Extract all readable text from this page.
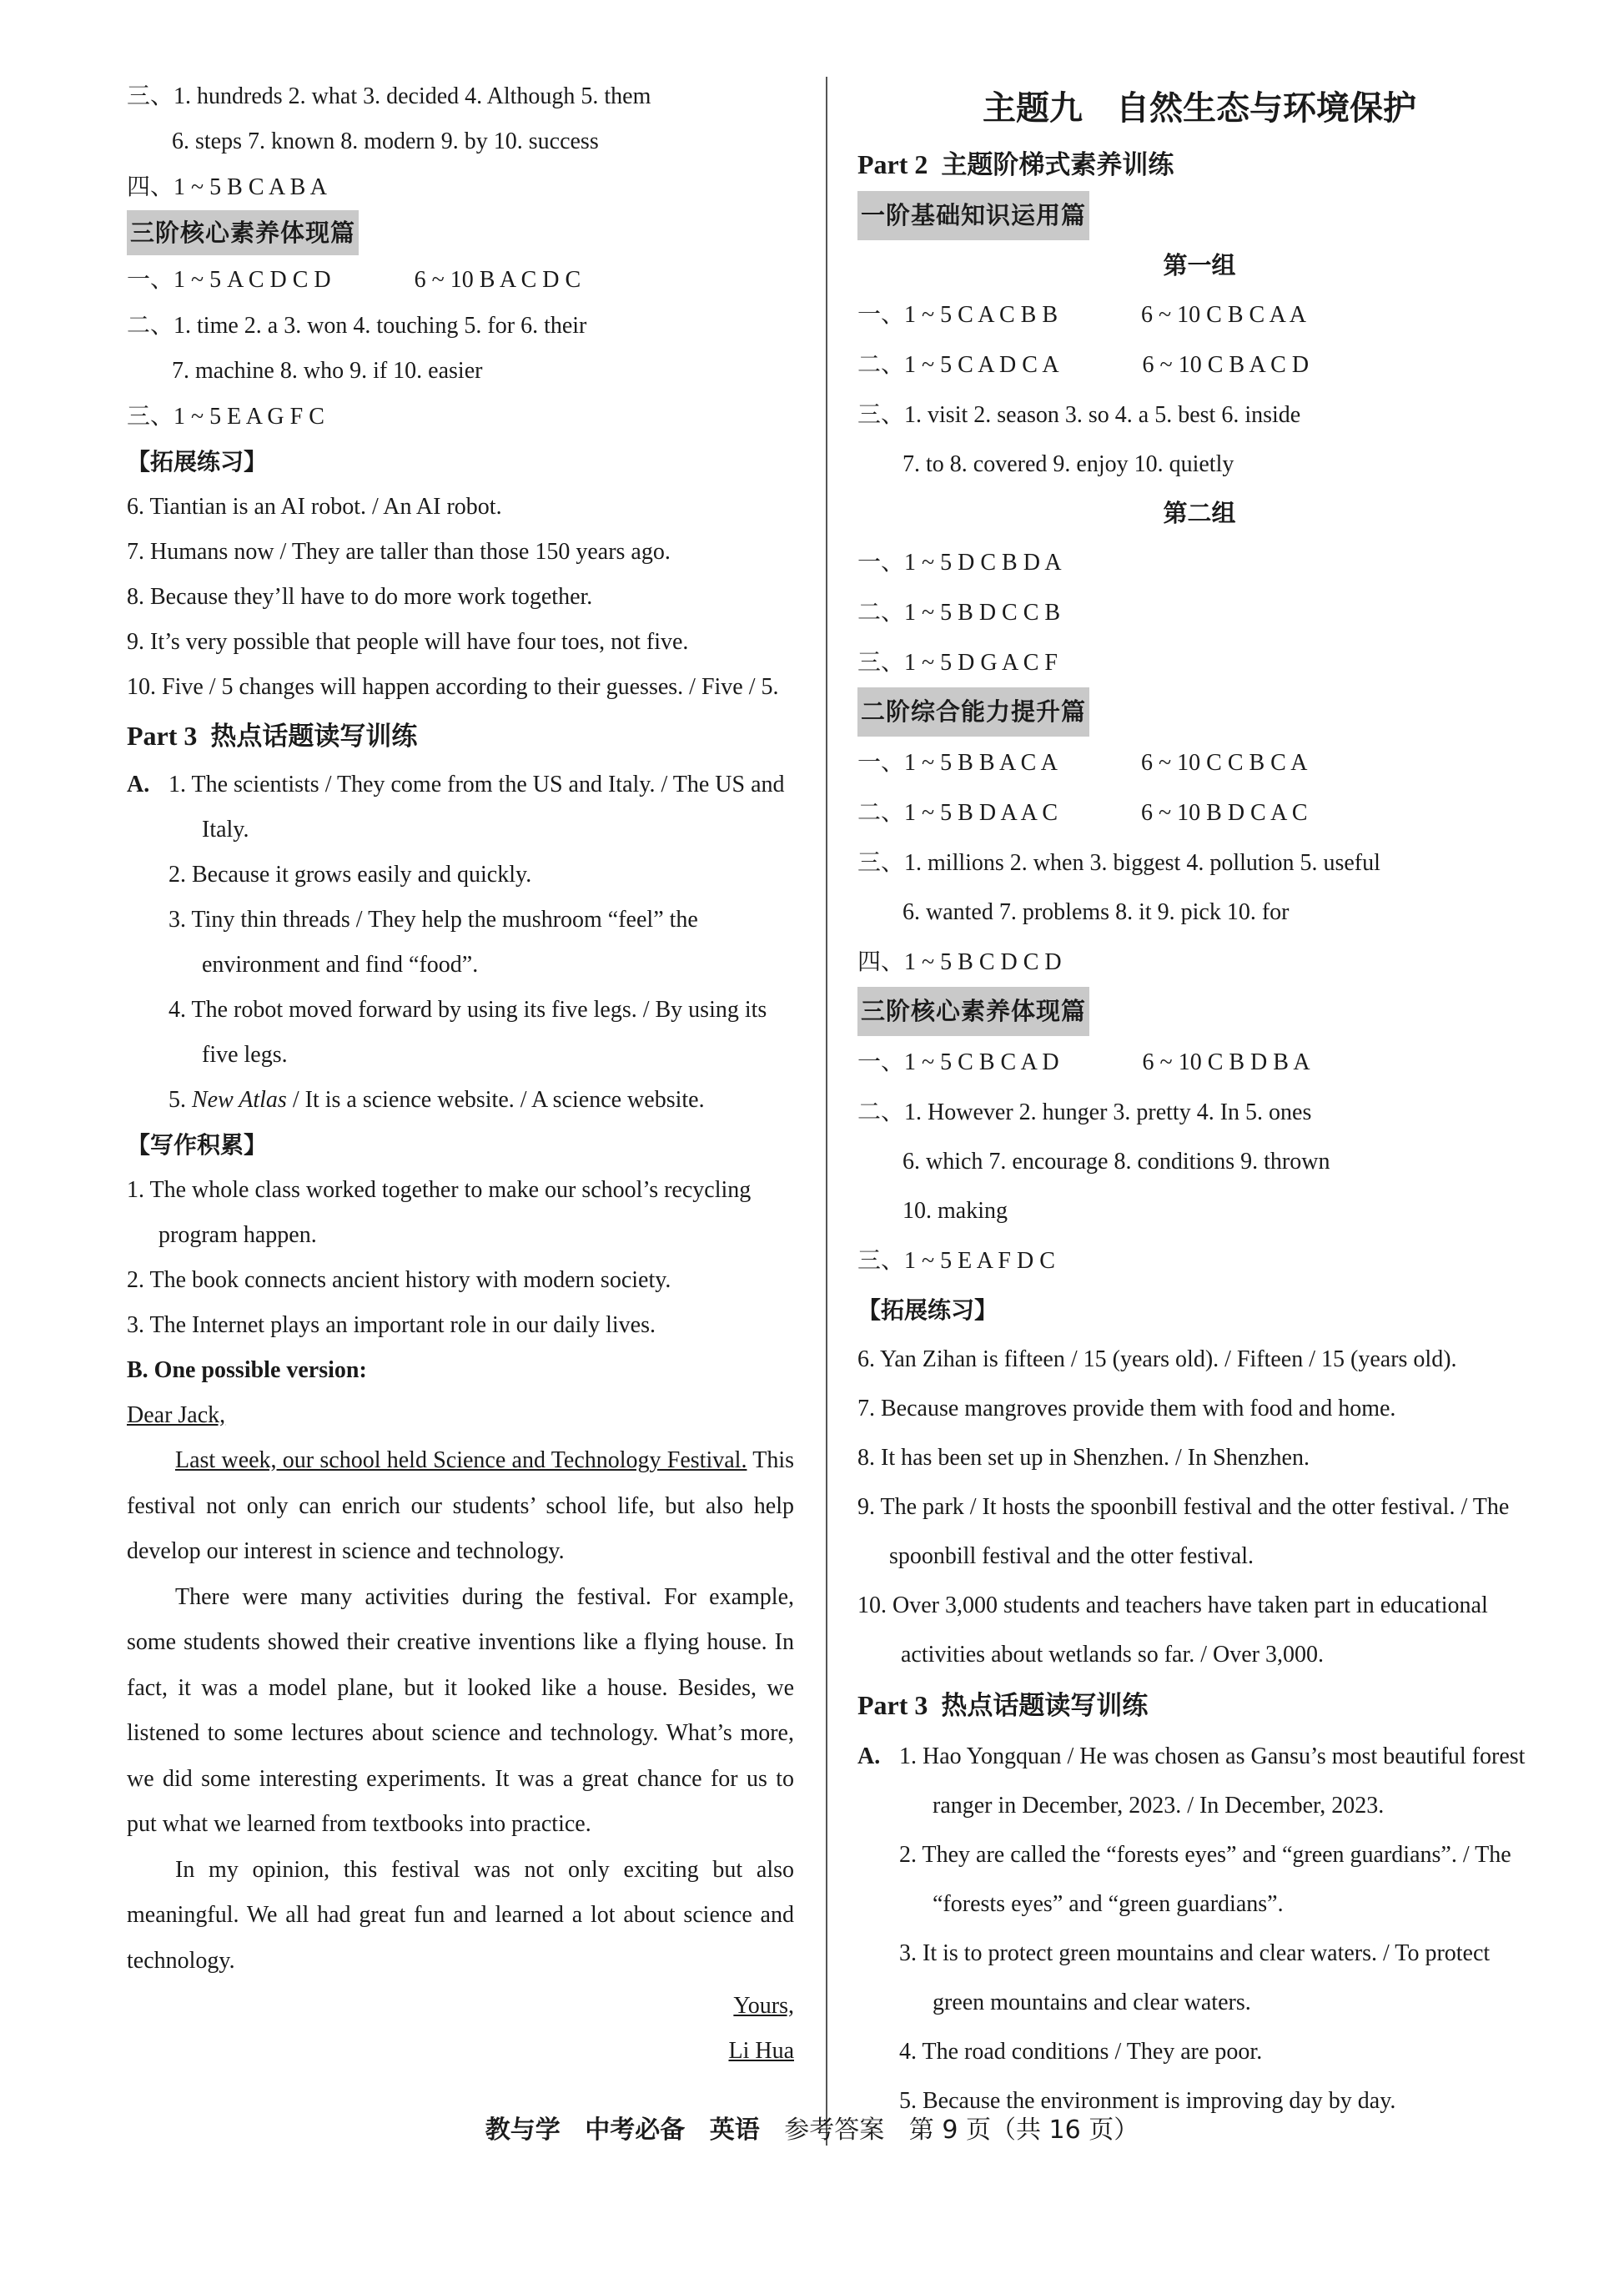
三、1. hundreds 2. what 3. decided 4. Although 5. them
6. steps 7. known 8. modern 9. by 10. success
四、1 ~ 5 B C A B A
三阶核心素养体现篇
一、1 ~ 5 A C D C D	6 ~ 10 B A C D C
二、1. time 2. a 3. won 4. touching 5. for 6. their
7. machine 8. who 9. if 10. easier
三、1 ~ 5 E A G F C
【拓展练习】
6. Tiantian is an AI robot. / An AI robot.
7. Humans now / They are taller than those 150 years ago.
8. Because they’ll have to do more work together.
9. It’s very possible that people will have four toes, not five.
10. Five / 5 changes will happen according to their guesses. / Five / 5.
Part 3 热点话题读写训练
A. 1. The scientists / They come from the US and Italy. / The US and Italy.
2. Because it grows easily and quickly.
3. Tiny thin threads / They help the mushroom “feel” the environment and find “food”.
4. The robot moved forward by using its five legs. / By using its five legs.
5. New Atlas / It is a science website. / A science website.
【写作积累】
1. The whole class worked together to make our school’s recycling program happen.
2. The book connects ancient history with modern society.
3. The Internet plays an important role in our daily lives.
B. One possible version:
Dear Jack,
Last week, our school held Science and Technology Festival. This festival not only can enrich our students’ school life, but also help develop our interest in science and technology.
There were many activities during the festival. For example, some students showed their creative inventions like a flying house. In fact, it was a model plane, but it looked like a house. Besides, we listened to some lectures about science and technology. What’s more, we did some interesting experiments. It was a great chance for us to put what we learned from textbooks into practice.
In my opinion, this festival was not only exciting but also meaningful. We all had great fun and learned a lot about science and technology.
Yours,
Li Hua
主题九　自然生态与环境保护
Part 2 主题阶梯式素养训练
一阶基础知识运用篇
第一组
一、1 ~ 5 C A C B B	6 ~ 10 C B C A A
二、1 ~ 5 C A D C A	6 ~ 10 C B A C D
三、1. visit 2. season 3. so 4. a 5. best 6. inside
7. to 8. covered 9. enjoy 10. quietly
第二组
一、1 ~ 5 D C B D A
二、1 ~ 5 B D C C B
三、1 ~ 5 D G A C F
二阶综合能力提升篇
一、1 ~ 5 B B A C A	6 ~ 10 C C B C A
二、1 ~ 5 B D A A C	6 ~ 10 B D C A C
三、1. millions 2. when 3. biggest 4. pollution 5. useful
6. wanted 7. problems 8. it 9. pick 10. for
四、1 ~ 5 B C D C D
三阶核心素养体现篇
一、1 ~ 5 C B C A D	6 ~ 10 C B D B A
二、1. However 2. hunger 3. pretty 4. In 5. ones
6. which 7. encourage 8. conditions 9. thrown
10. making
三、1 ~ 5 E A F D C
【拓展练习】
6. Yan Zihan is fifteen / 15 (years old). / Fifteen / 15 (years old).
7. Because mangroves provide them with food and home.
8. It has been set up in Shenzhen. / In Shenzhen.
9. The park / It hosts the spoonbill festival and the otter festival. / The spoonbill festival and the otter festival.
10. Over 3,000 students and teachers have taken part in educational activities about wetlands so far. / Over 3,000.
Part 3 热点话题读写训练
A. 1. Hao Yongquan / He was chosen as Gansu’s most beautiful forest ranger in December, 2023. / In December, 2023.
2. They are called the “forests eyes” and “green guardians”. / The “forests eyes” and “green guardians”.
3. It is to protect green mountains and clear waters. / To protect green mountains and clear waters.
4. The road conditions / They are poor.
5. Because the environment is improving day by day.
教与学 中考必备 英语 参考答案 第 9 页（共 16 页）
